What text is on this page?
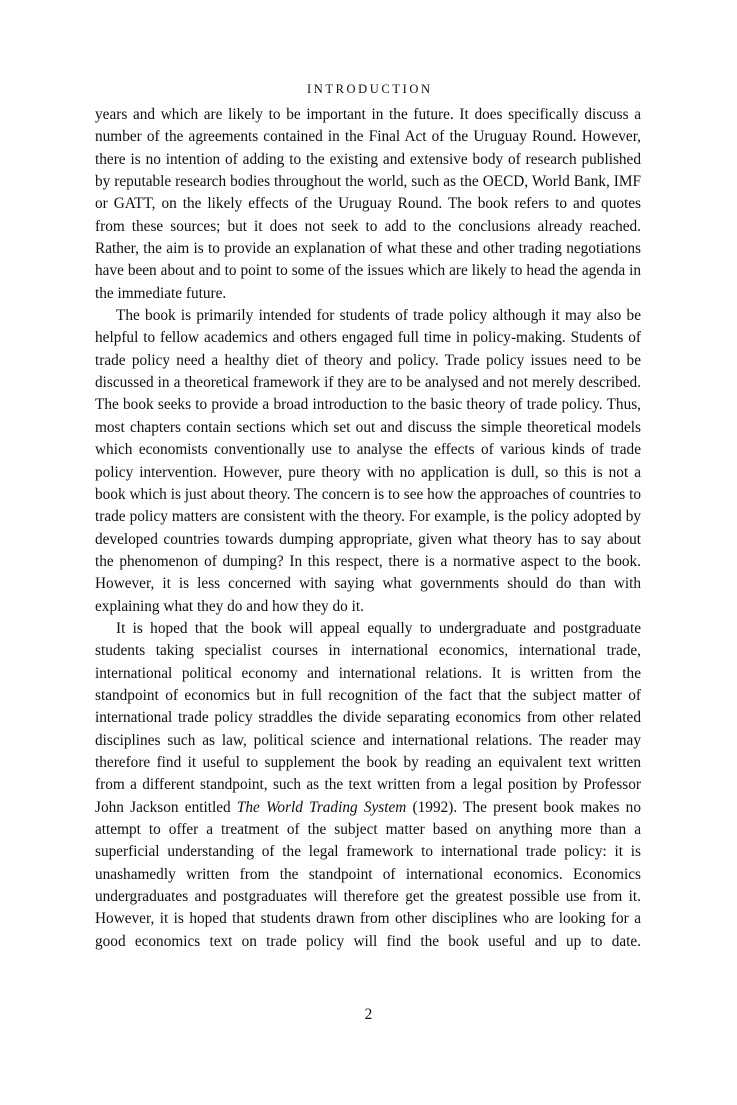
INTRODUCTION

years and which are likely to be important in the future. It does specifically discuss a number of the agreements contained in the Final Act of the Uruguay Round. However, there is no intention of adding to the existing and extensive body of research published by reputable research bodies throughout the world, such as the OECD, World Bank, IMF or GATT, on the likely effects of the Uruguay Round. The book refers to and quotes from these sources; but it does not seek to add to the conclusions already reached. Rather, the aim is to provide an explanation of what these and other trading negotiations have been about and to point to some of the issues which are likely to head the agenda in the immediate future.

The book is primarily intended for students of trade policy although it may also be helpful to fellow academics and others engaged full time in policy-making. Students of trade policy need a healthy diet of theory and policy. Trade policy issues need to be discussed in a theoretical framework if they are to be analysed and not merely described. The book seeks to provide a broad introduction to the basic theory of trade policy. Thus, most chapters contain sections which set out and discuss the simple theoretical models which economists conventionally use to analyse the effects of various kinds of trade policy intervention. However, pure theory with no application is dull, so this is not a book which is just about theory. The concern is to see how the approaches of countries to trade policy matters are consistent with the theory. For example, is the policy adopted by developed countries towards dumping appropriate, given what theory has to say about the phenomenon of dumping? In this respect, there is a normative aspect to the book. However, it is less concerned with saying what governments should do than with explaining what they do and how they do it.

It is hoped that the book will appeal equally to undergraduate and postgraduate students taking specialist courses in international economics, international trade, international political economy and international relations. It is written from the standpoint of economics but in full recognition of the fact that the subject matter of international trade policy straddles the divide separating economics from other related disciplines such as law, political science and international relations. The reader may therefore find it useful to supplement the book by reading an equivalent text written from a different standpoint, such as the text written from a legal position by Professor John Jackson entitled The World Trading System (1992). The present book makes no attempt to offer a treatment of the subject matter based on anything more than a superficial understanding of the legal framework to international trade policy: it is unashamedly written from the standpoint of international economics. Economics undergraduates and postgraduates will therefore get the greatest possible use from it. However, it is hoped that students drawn from other disciplines who are looking for a good economics text on trade policy will find the book useful and up to date.

2
